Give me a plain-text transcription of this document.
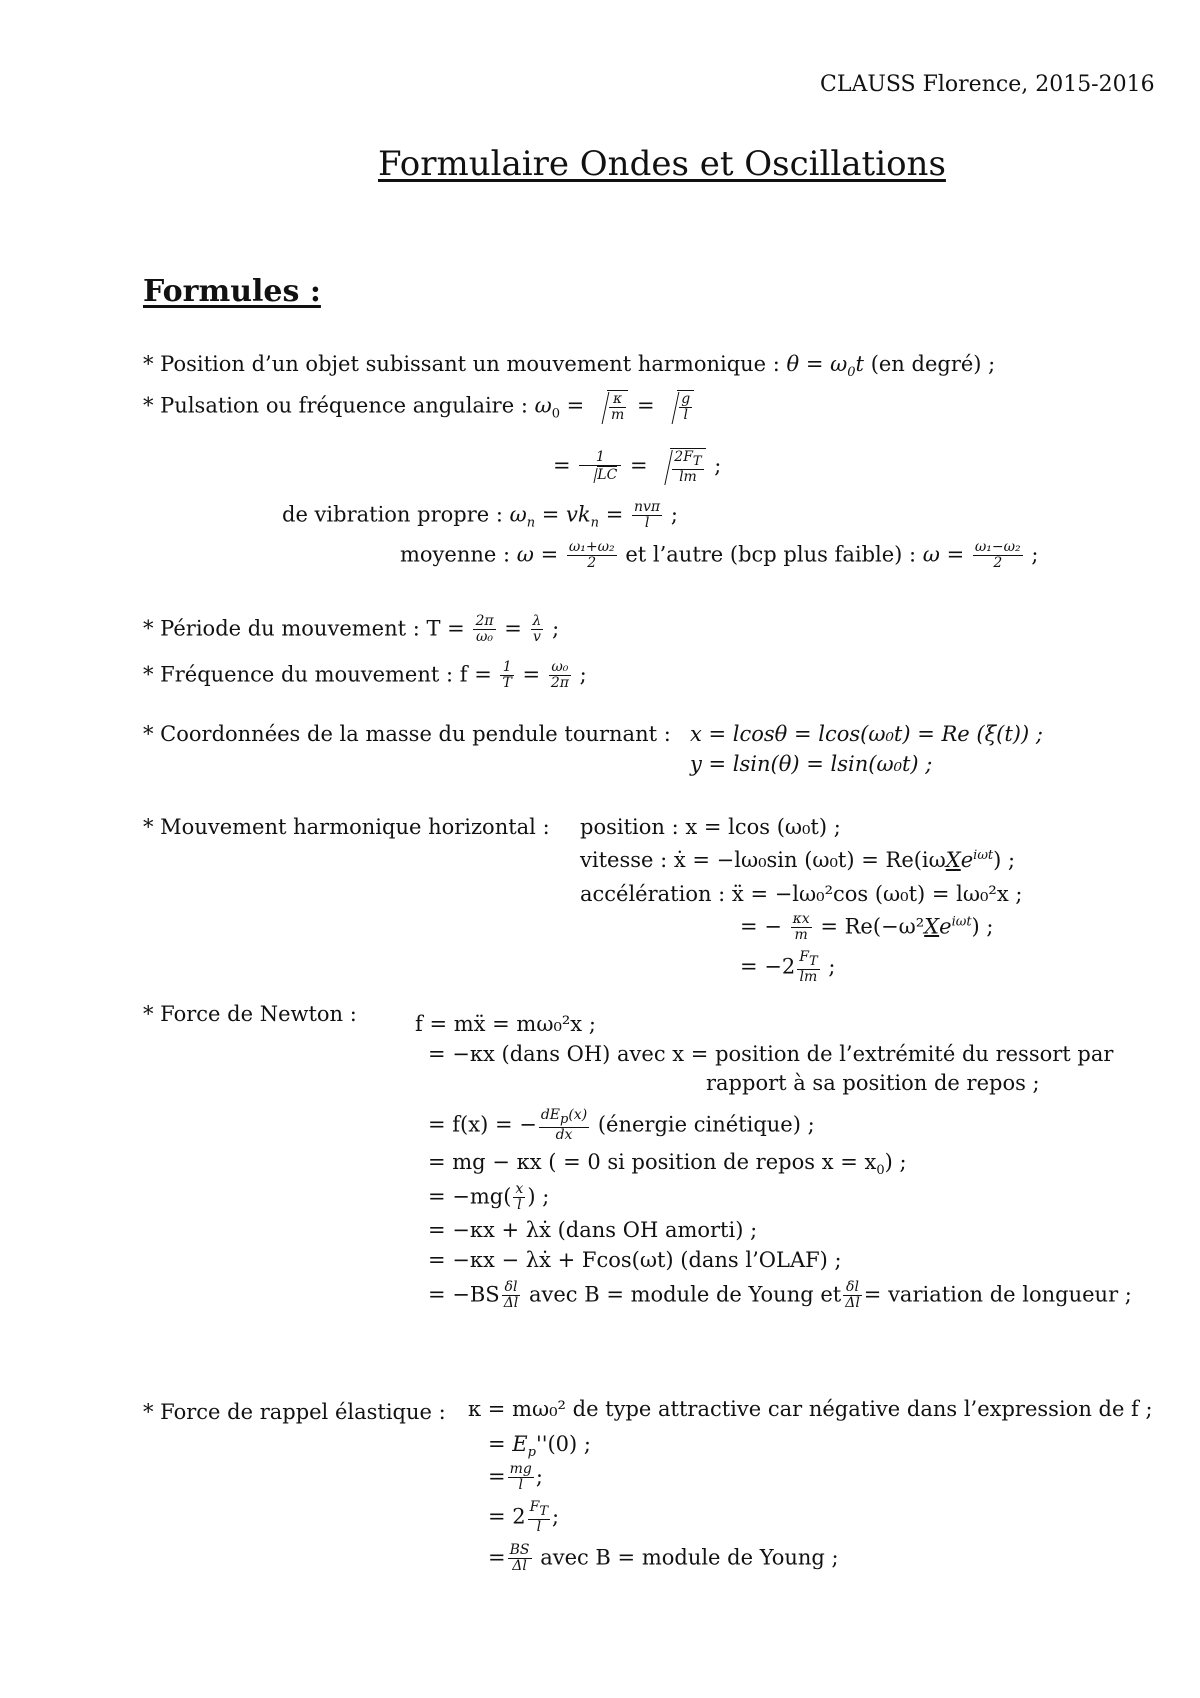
CLAUSS Florence, 2015-2016
Formulaire Ondes et Oscillations
Formules :
* Position d’un objet subissant un mouvement harmonique : $\theta = \omega_0t$ (en degré) ;
* Pulsation ou fréquence angulaire : $\omega_0 = \frac{\kappa}{m} = \frac{g}{l}$
= $\frac{1}{LC} = \frac{2F_T}{lm}$ ;
de vibration propre : $\omega_n = vk_n = \frac{\text{nvπ}}{l}$ ;
moyenne : $\omega = \frac{\text{ω₁+ω₂}}{2}$ et l’autre (bcp plus faible) : $\omega = \frac{\text{ω₁−ω₂}}{2}$ ;
* Période du mouvement : $T = \frac{2\pi}{\text{ω₀}} = \frac{\lambda}{v}$ ;
* Fréquence du mouvement : $f = \frac{1}{T} = \frac{\text{ω₀}}{2\pi}$ ;
* Coordonnées de la masse du pendule tournant : x = lcosθ = lcos(ω₀t) = Re (ξ(t)) ;
y = lsin(θ) = lsin(ω₀t) ;
* Mouvement harmonique horizontal : position : x = lcos (ω₀t) ;
vitesse : ẋ = −lω₀sin (ω₀t) = Re(iωXe$^{i\omega t}$) ;
accélération : ẍ = −lω₀²cos (ω₀t) = lω₀²x ;
= − $\frac{\kappa x}{m} = Re(-\omega^2Xe^{i\omega t})$ ;
= $-2 \frac{F_T}{lm}$ ;
* Force de Newton :	f = mẍ = mω₀²x ;
= −κx (dans OH) avec x = position de l’extrémité du ressort par
rapport à sa position de repos ;
= f(x) = − $\frac{dE_p(x)}{dx}$ (énergie cinétique) ;
= mg − κx ( = 0 si position de repos $x = x_0$) ;
= $-mg( \frac{x}{l}$ ) ;
= −κx + λẋ (dans OH amorti) ;
= −κx − λẋ + Fcos(ωt) (dans l’OLAF) ;
= $-BS \frac{\delta l}{\Delta l}$ avec B = module de Young et $\frac{\delta l}{\Delta l}$ = variation de longueur ;
* Force de rappel élastique : κ = mω₀² de type attractive car négative dans l’expression de f ;
= $E_p''(0)$ ;
= $\frac{mg}{l}$ ;
= $2 \frac{F_T}{l}$ ;
= $\frac{BS}{\Delta l}$ avec B = module de Young ;
